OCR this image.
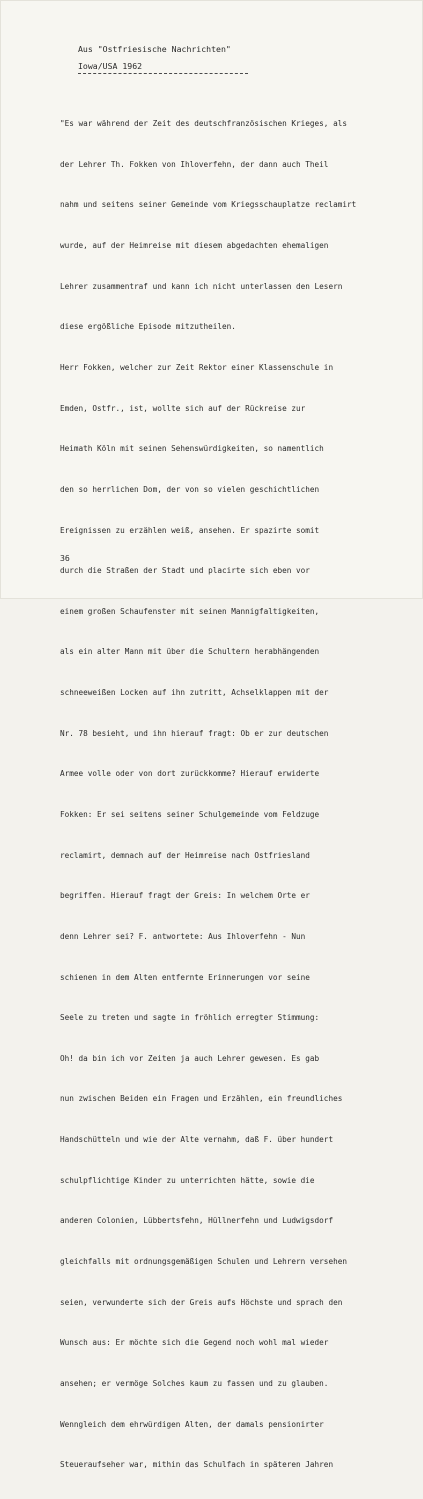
Aus "Ostfriesische Nachrichten"
Iowa/USA 1962

"Es war während der Zeit des deutschfranzösischen Krieges, als

der Lehrer Th. Fokken von Ihloverfehn, der dann auch Theil

nahm und seitens seiner Gemeinde vom Kriegsschauplatze reclamirt

wurde, auf der Heimreise mit diesem abgedachten ehemaligen

Lehrer zusammentraf und kann ich nicht unterlassen den Lesern

diese ergößliche Episode mitzutheilen.

Herr Fokken, welcher zur Zeit Rektor einer Klassenschule in

Emden, Ostfr., ist, wollte sich auf der Rückreise zur

Heimath Köln mit seinen Sehenswürdigkeiten, so namentlich

den so herrlichen Dom, der von so vielen geschichtlichen

Ereignissen zu erzählen weiß, ansehen. Er spazirte somit

durch die Straßen der Stadt und placirte sich eben vor

einem großen Schaufenster mit seinen Mannigfaltigkeiten,

als ein alter Mann mit über die Schultern herabhängenden

schneeweißen Locken auf ihn zutritt, Achselklappen mit der

Nr. 78 besieht, und ihn hierauf fragt: Ob er zur deutschen

Armee volle oder von dort zurückkomme? Hierauf erwiderte

Fokken: Er sei seitens seiner Schulgemeinde vom Feldzuge

reclamirt, demnach auf der Heimreise nach Ostfriesland

begriffen. Hierauf fragt der Greis: In welchem Orte er

denn Lehrer sei? F. antwortete: Aus Ihloverfehn - Nun

schienen in dem Alten entfernte Erinnerungen vor seine

Seele zu treten und sagte in fröhlich erregter Stimmung:

Oh! da bin ich vor Zeiten ja auch Lehrer gewesen. Es gab

nun zwischen Beiden ein Fragen und Erzählen, ein freundliches

Handschütteln und wie der Alte vernahm, daß F. über hundert

schulpflichtige Kinder zu unterrichten hätte, sowie die

anderen Colonien, Lübbertsfehn, Hüllnerfehn und Ludwigsdorf

gleichfalls mit ordnungsgemäßigen Schulen und Lehrern versehen

seien, verwunderte sich der Greis aufs Höchste und sprach den

Wunsch aus: Er möchte sich die Gegend noch wohl mal wieder

ansehen; er vermöge Solches kaum zu fassen und zu glauben.

Wenngleich dem ehrwürdigen Alten, der damals pensionirter

Steueraufseher war, mithin das Schulfach in späteren Jahren

36
